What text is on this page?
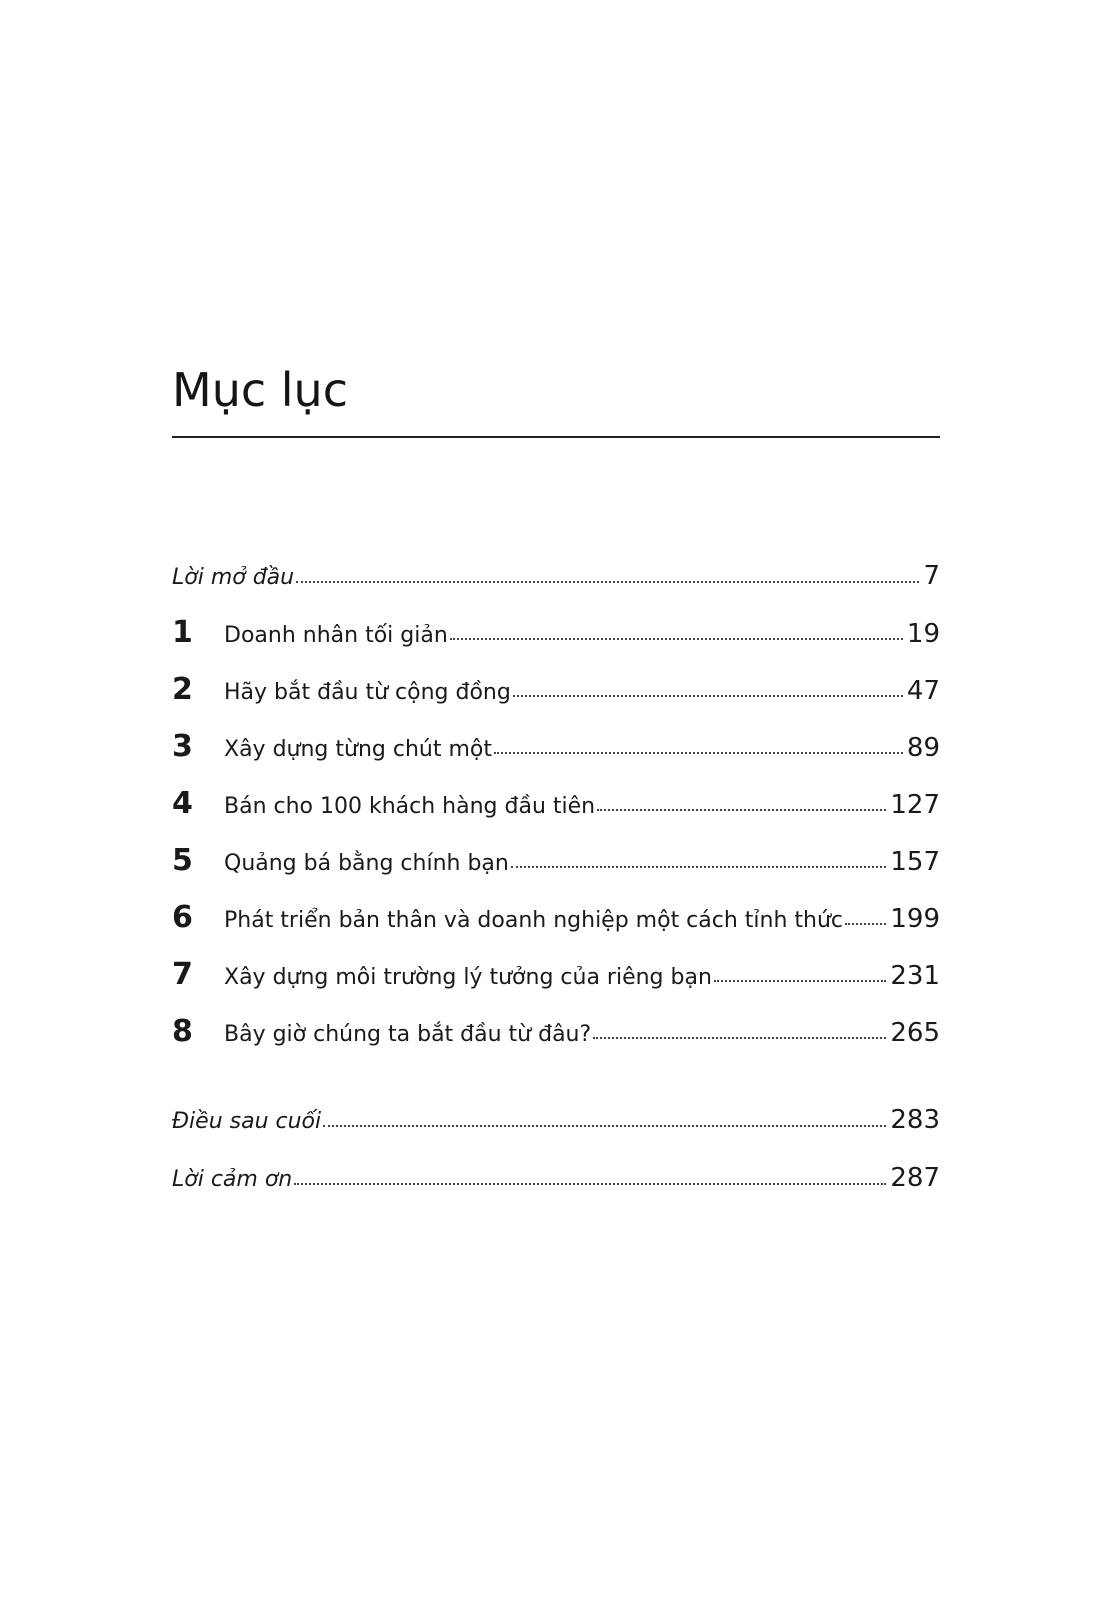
Mục lục
Lời mở đầu	7
1	Doanh nhân tối giản	19
2	Hãy bắt đầu từ cộng đồng	47
3	Xây dựng từng chút một	89
4	Bán cho 100 khách hàng đầu tiên	127
5	Quảng bá bằng chính bạn	157
6	Phát triển bản thân và doanh nghiệp một cách tỉnh thức 199
7	Xây dựng môi trường lý tưởng của riêng bạn	231
8	Bây giờ chúng ta bắt đầu từ đâu?	265
Điều sau cuối	283
Lời cảm ơn	287
